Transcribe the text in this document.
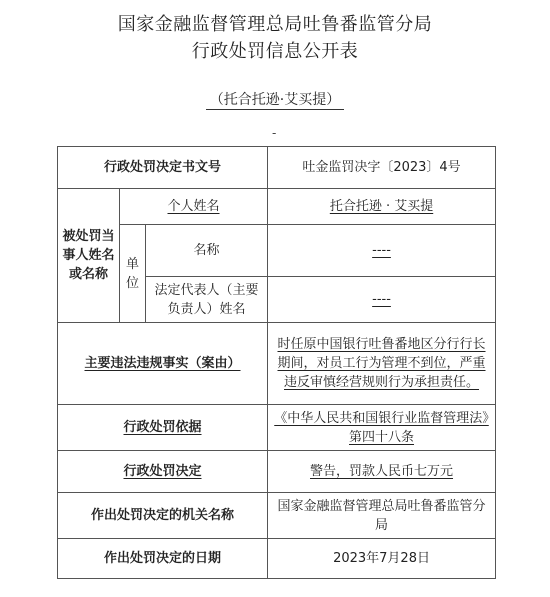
国家金融监督管理总局吐鲁番监管分局
行政处罚信息公开表
（托合托逊·艾买提）
-
行政处罚决定书文号			吐金监罚决字〔2023〕4号
被处罚当事人姓名或名称	个人姓名		托合托逊 · 艾买提
	单位	名称	----
		法定代表人（主要负责人）姓名	----
主要违法违规事实（案由）			时任原中国银行吐鲁番地区分行行长期间，对员工行为管理不到位，严重违反审慎经营规则行为承担责任。
行政处罚依据			《中华人民共和国银行业监督管理法》第四十八条
行政处罚决定			警告，罚款人民币七万元
作出处罚决定的机关名称			国家金融监督管理总局吐鲁番监管分局
作出处罚决定的日期			2023年7月28日
